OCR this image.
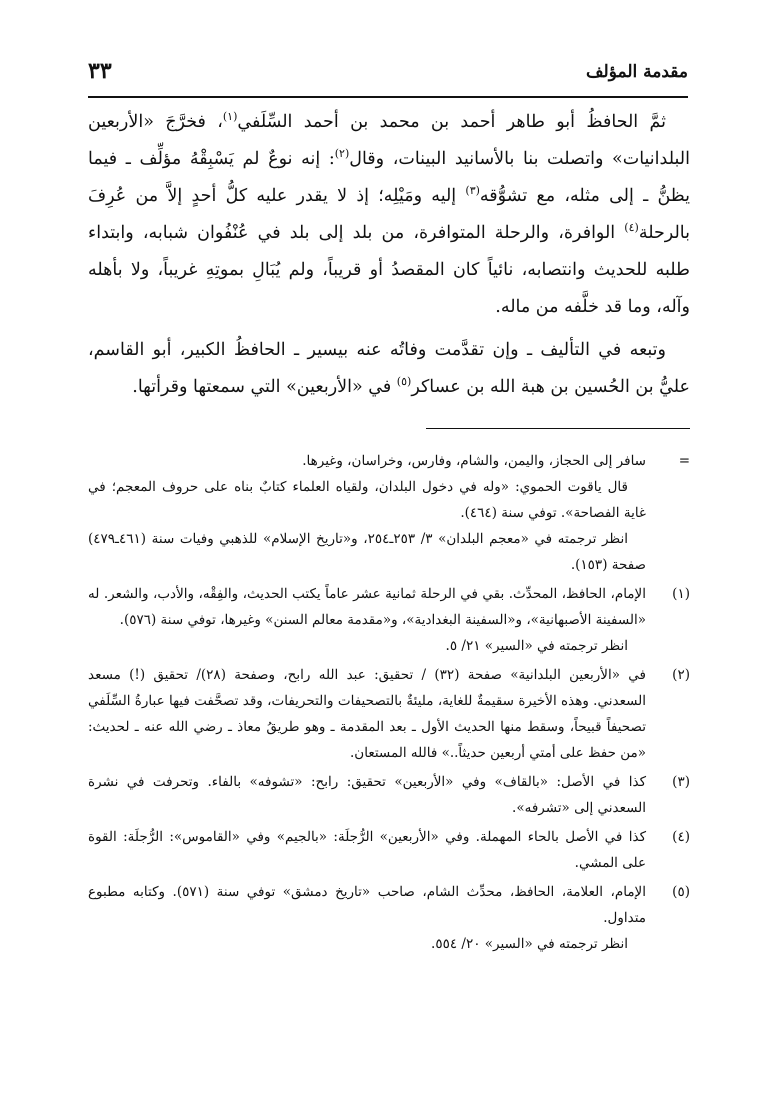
مقدمة المؤلف
٣٣

ثمَّ الحافظُ أبو طاهر أحمد بن محمد بن أحمد السِّلَفي$^{(١)}$، فخرَّجَ «الأربعين البلدانيات» واتصلت بنا بالأسانيد البينات، وقال$^{(٢)}$: إنه نوعٌ لم يَسْبِقْهُ مؤلِّف ـ فيما يظنُّ ـ إلى مثله، مع تشوُّقه$^{(٣)}$ إليه ومَيْلِه؛ إذ لا يقدر عليه كلُّ أحدٍ إلاَّ من عُرِفَ بالرحلة$^{(٤)}$ الوافرة، والرحلة المتوافرة، من بلد إلى بلد في عُنْفُوان شبابه، وابتداء طلبه للحديث وانتصابه، نائياً كان المقصدُ أو قريباً، ولم يُبَالِ بموتِهِ غريباً، ولا بأهله وآله، وما قد خلَّفه من ماله.

وتبعه في التأليف ـ وإن تقدَّمت وفاتُه عنه بيسير ـ الحافظُ الكبير، أبو القاسم، عليُّ بن الحُسين بن هبة الله بن عساكر$^{(٥)}$ في «الأربعين» التي سمعتها وقرأتها.

=

سافر إلى الحجاز، واليمن، والشام، وفارس، وخراسان، وغيرها.

قال ياقوت الحموي: «وله في دخول البلدان، ولقياه العلماء كتابٌ بناه على حروف المعجم؛ في غاية الفصاحة». توفي سنة (٤٦٤).

انظر ترجمته في «معجم البلدان» ٣/ ٢٥٣ـ٢٥٤، و«تاريخ الإسلام» للذهبي وفيات سنة (٤٦١ـ٤٧٩) صفحة (١٥٣).

(١)

الإمام، الحافظ، المحدِّث. بقي في الرحلة ثمانية عشر عاماً يكتب الحديث، والفِقْه، والأدب، والشعر. له «السفينة الأصبهانية»، و«السفينة البغدادية»، و«مقدمة معالم السنن» وغيرها، توفي سنة (٥٧٦).

انظر ترجمته في «السير» ٢١/ ٥.

(٢)

في «الأربعين البلدانية» صفحة (٣٢) / تحقيق: عبد الله رابح، وصفحة (٢٨)/ تحقيق (!) مسعد السعدني. وهذه الأخيرة سقيمةٌ للغاية، مليئةٌ بالتصحيفات والتحريفات، وقد تصحَّفت فيها عبارةُ السِّلَفي تصحيفاً قبيحاً، وسقط منها الحديث الأول ـ بعد المقدمة ـ وهو طريقُ معاذ ـ رضي الله عنه ـ لحديث: «من حفظ على أمتي أربعين حديثاً..» فالله المستعان.

(٣)

كذا في الأصل: «بالقاف» وفي «الأربعين» تحقيق: رابح: «تشوفه» بالفاء. وتحرفت في نشرة السعدني إلى «تشرفه».

(٤)

كذا في الأصل بالحاء المهملة. وفي «الأربعين» الرُّجلَة: «بالجيم» وفي «القاموس»: الرُّجلَة: القوة على المشي.

(٥)

الإمام، العلامة، الحافظ، محدِّث الشام، صاحب «تاريخ دمشق» توفي سنة (٥٧١). وكتابه مطبوع متداول.

انظر ترجمته في «السير» ٢٠/ ٥٥٤.
